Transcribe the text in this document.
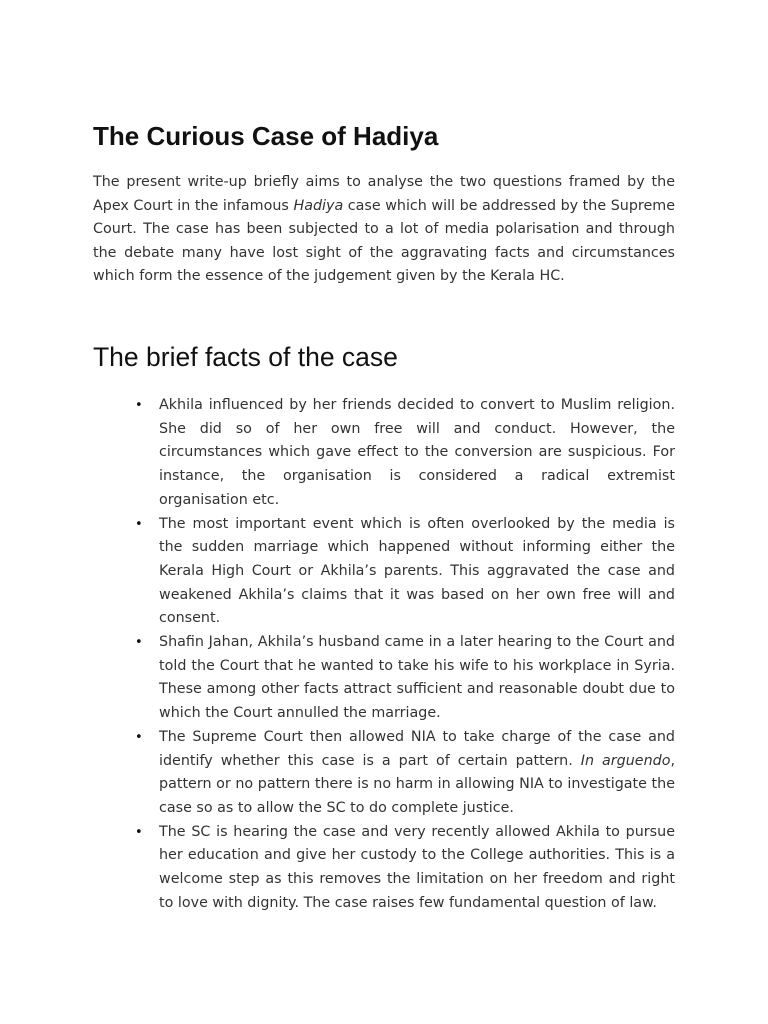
The Curious Case of Hadiya

The present write-up briefly aims to analyse the two questions framed by the Apex Court in the infamous Hadiya case which will be addressed by the Supreme Court. The case has been subjected to a lot of media polarisation and through the debate many have lost sight of the aggravating facts and circumstances which form the essence of the judgement given by the Kerala HC.

The brief facts of the case
• Akhila influenced by her friends decided to convert to Muslim religion. She did so of her own free will and conduct. However, the circumstances which gave effect to the conversion are suspicious. For instance, the organisation is considered a radical extremist organisation etc.
• The most important event which is often overlooked by the media is the sudden marriage which happened without informing either the Kerala High Court or Akhila’s parents. This aggravated the case and weakened Akhila’s claims that it was based on her own free will and consent.
• Shafin Jahan, Akhila’s husband came in a later hearing to the Court and told the Court that he wanted to take his wife to his workplace in Syria. These among other facts attract sufficient and reasonable doubt due to which the Court annulled the marriage.
• The Supreme Court then allowed NIA to take charge of the case and identify whether this case is a part of certain pattern. In arguendo, pattern or no pattern there is no harm in allowing NIA to investigate the case so as to allow the SC to do complete justice.
• The SC is hearing the case and very recently allowed Akhila to pursue her education and give her custody to the College authorities. This is a welcome step as this removes the limitation on her freedom and right to love with dignity. The case raises few fundamental question of law.
